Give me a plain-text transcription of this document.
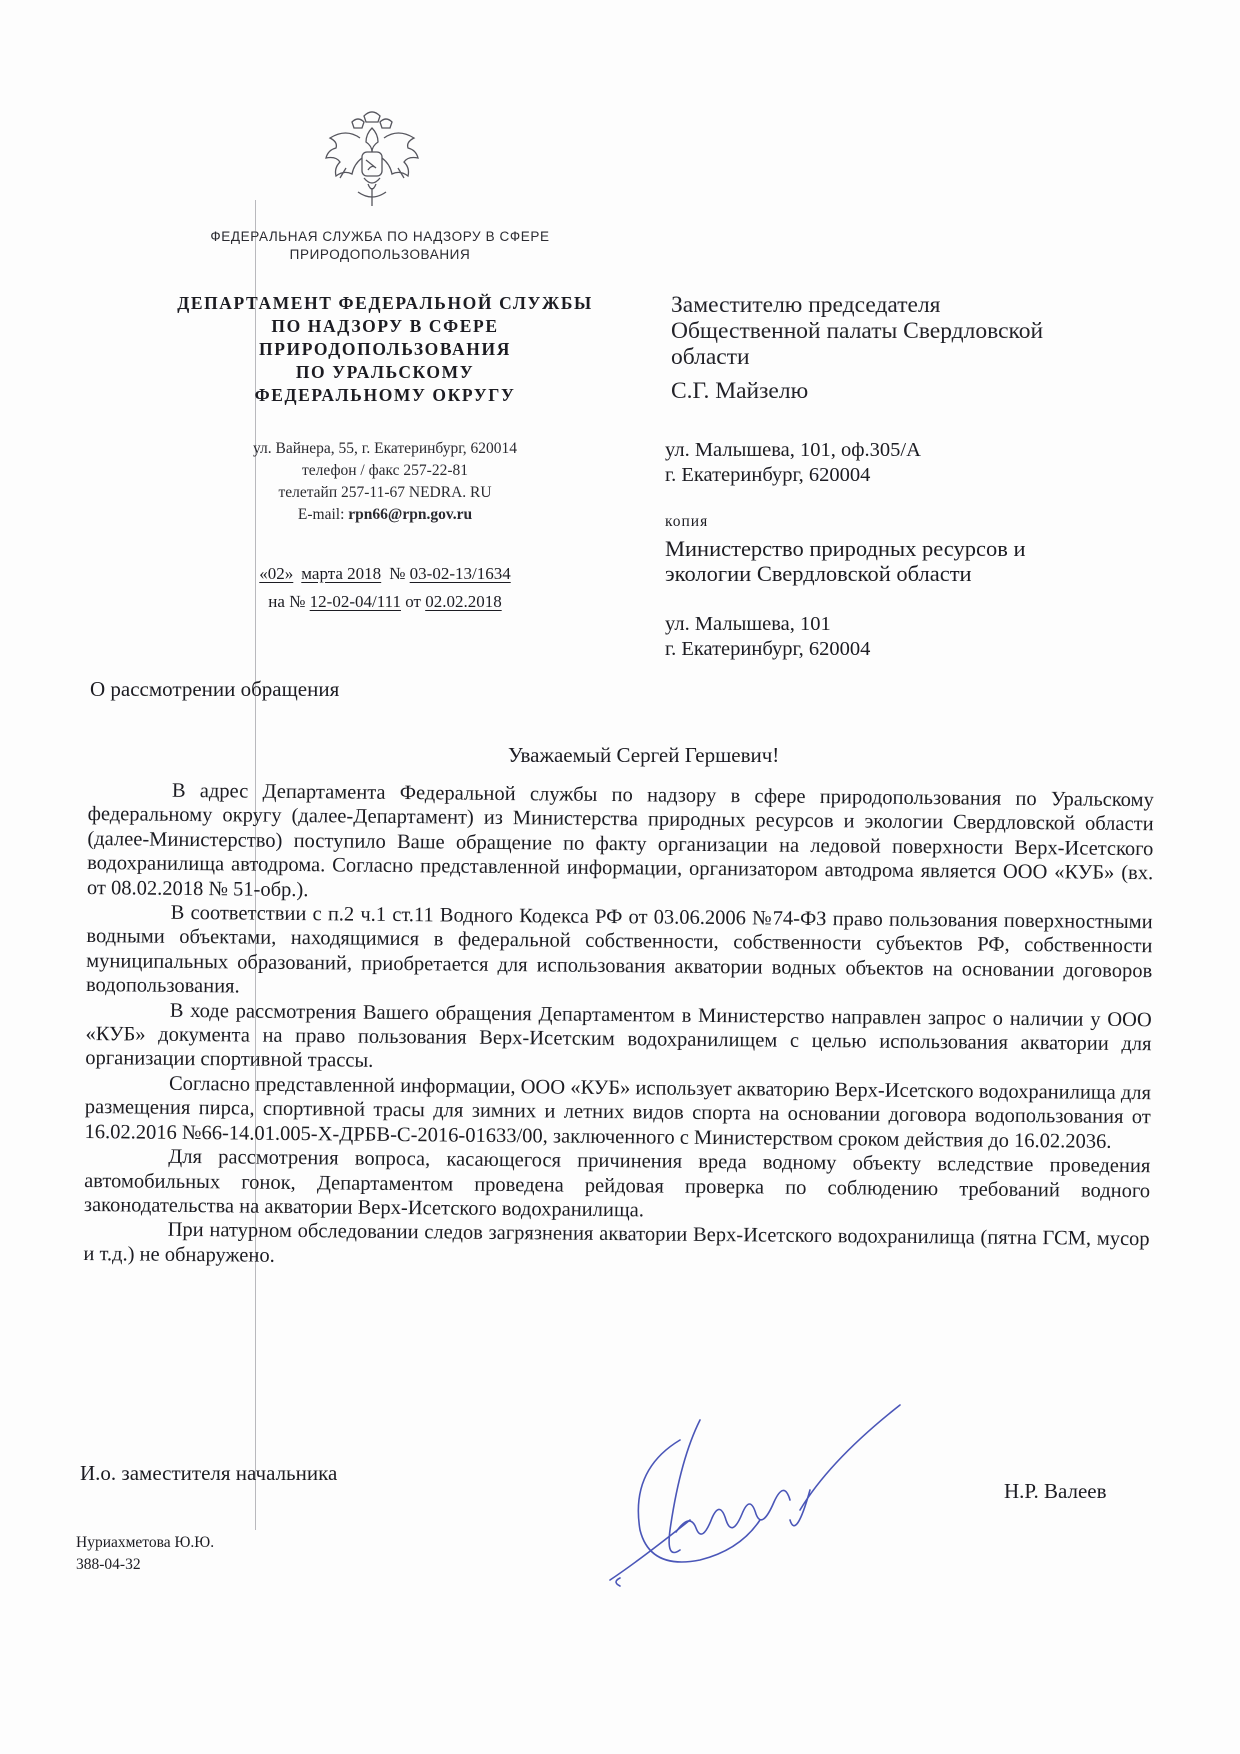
ФЕДЕРАЛЬНАЯ СЛУЖБА ПО НАДЗОРУ В СФЕРЕ
ПРИРОДОПОЛЬЗОВАНИЯ
ДЕПАРТАМЕНТ ФЕДЕРАЛЬНОЙ СЛУЖБЫ
ПО НАДЗОРУ В СФЕРЕ
ПРИРОДОПОЛЬЗОВАНИЯ
ПО УРАЛЬСКОМУ
ФЕДЕРАЛЬНОМУ ОКРУГУ
ул. Вайнера, 55, г. Екатеринбург, 620014
телефон / факс 257-22-81
телетайп 257-11-67 NEDRA. RU
E-mail: rpn66@rpn.gov.ru
«02» марта 2018 № 03-02-13/1634
на № 12-02-04/111 от 02.02.2018
Заместителю председателя
Общественной палаты Свердловской
области
С.Г. Майзелю
ул. Малышева, 101, оф.305/А
г. Екатеринбург, 620004
копия
Министерство природных ресурсов и
экологии Свердловской области
ул. Малышева, 101
г. Екатеринбург, 620004
О рассмотрении обращения
Уважаемый Сергей Гершевич!

В адрес Департамента Федеральной службы по надзору в сфере природопользования по Уральскому федеральному округу (далее-Департамент) из Министерства природных ресурсов и экологии Свердловской области (далее-Министерство) поступило Ваше обращение по факту организации на ледовой поверхности Верх-Исетского водохранилища автодрома. Согласно представленной информации, организатором автодрома является ООО «КУБ» (вх. от 08.02.2018 № 51-обр.).

В соответствии с п.2 ч.1 ст.11 Водного Кодекса РФ от 03.06.2006 №74-ФЗ право пользования поверхностными водными объектами, находящимися в федеральной собственности, собственности субъектов РФ, собственности муниципальных образований, приобретается для использования акватории водных объектов на основании договоров водопользования.

В ходе рассмотрения Вашего обращения Департаментом в Министерство направлен запрос о наличии у ООО «КУБ» документа на право пользования Верх-Исетским водохранилищем с целью использования акватории для организации спортивной трассы.

Согласно представленной информации, ООО «КУБ» использует акваторию Верх-Исетского водохранилища для размещения пирса, спортивной трасы для зимних и летних видов спорта на основании договора водопользования от 16.02.2016 №66-14.01.005-Х-ДРБВ-С-2016-01633/00, заключенного с Министерством сроком действия до 16.02.2036.

Для рассмотрения вопроса, касающегося причинения вреда водному объекту вследствие проведения автомобильных гонок, Департаментом проведена рейдовая проверка по соблюдению требований водного законодательства на акватории Верх-Исетского водохранилища.

При натурном обследовании следов загрязнения акватории Верх-Исетского водохранилища (пятна ГСМ, мусор и т.д.) не обнаружено.

И.о. заместителя начальника
Н.Р. Валеев
Нуриахметова Ю.Ю.
388-04-32
